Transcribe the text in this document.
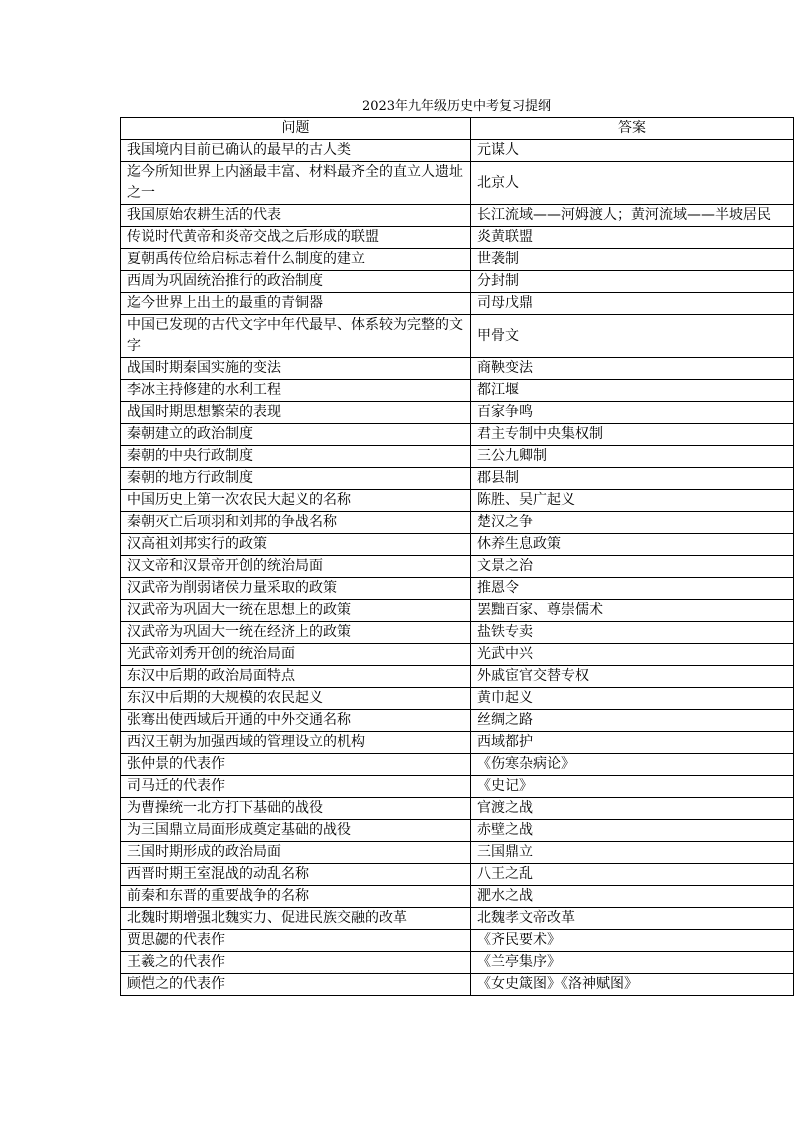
2023年九年级历史中考复习提纲
问题	答案
我国境内目前已确认的最早的古人类	元谋人
迄今所知世界上内涵最丰富、材料最齐全的直立人遗址之一	北京人
我国原始农耕生活的代表	长江流域——河姆渡人；黄河流域——半坡居民
传说时代黄帝和炎帝交战之后形成的联盟	炎黄联盟
夏朝禹传位给启标志着什么制度的建立	世袭制
西周为巩固统治推行的政治制度	分封制
迄今世界上出土的最重的青铜器	司母戊鼎
中国已发现的古代文字中年代最早、体系较为完整的文字	甲骨文
战国时期秦国实施的变法	商鞅变法
李冰主持修建的水利工程	都江堰
战国时期思想繁荣的表现	百家争鸣
秦朝建立的政治制度	君主专制中央集权制
秦朝的中央行政制度	三公九卿制
秦朝的地方行政制度	郡县制
中国历史上第一次农民大起义的名称	陈胜、吴广起义
秦朝灭亡后项羽和刘邦的争战名称	楚汉之争
汉高祖刘邦实行的政策	休养生息政策
汉文帝和汉景帝开创的统治局面	文景之治
汉武帝为削弱诸侯力量采取的政策	推恩令
汉武帝为巩固大一统在思想上的政策	罢黜百家、尊崇儒术
汉武帝为巩固大一统在经济上的政策	盐铁专卖
光武帝刘秀开创的统治局面	光武中兴
东汉中后期的政治局面特点	外戚宦官交替专权
东汉中后期的大规模的农民起义	黄巾起义
张骞出使西域后开通的中外交通名称	丝绸之路
西汉王朝为加强西域的管理设立的机构	西域都护
张仲景的代表作	《伤寒杂病论》
司马迁的代表作	《史记》
为曹操统一北方打下基础的战役	官渡之战
为三国鼎立局面形成奠定基础的战役	赤壁之战
三国时期形成的政治局面	三国鼎立
西晋时期王室混战的动乱名称	八王之乱
前秦和东晋的重要战争的名称	淝水之战
北魏时期增强北魏实力、促进民族交融的改革	北魏孝文帝改革
贾思勰的代表作	《齐民要术》
王羲之的代表作	《兰亭集序》
顾恺之的代表作	《女史箴图》《洛神赋图》
